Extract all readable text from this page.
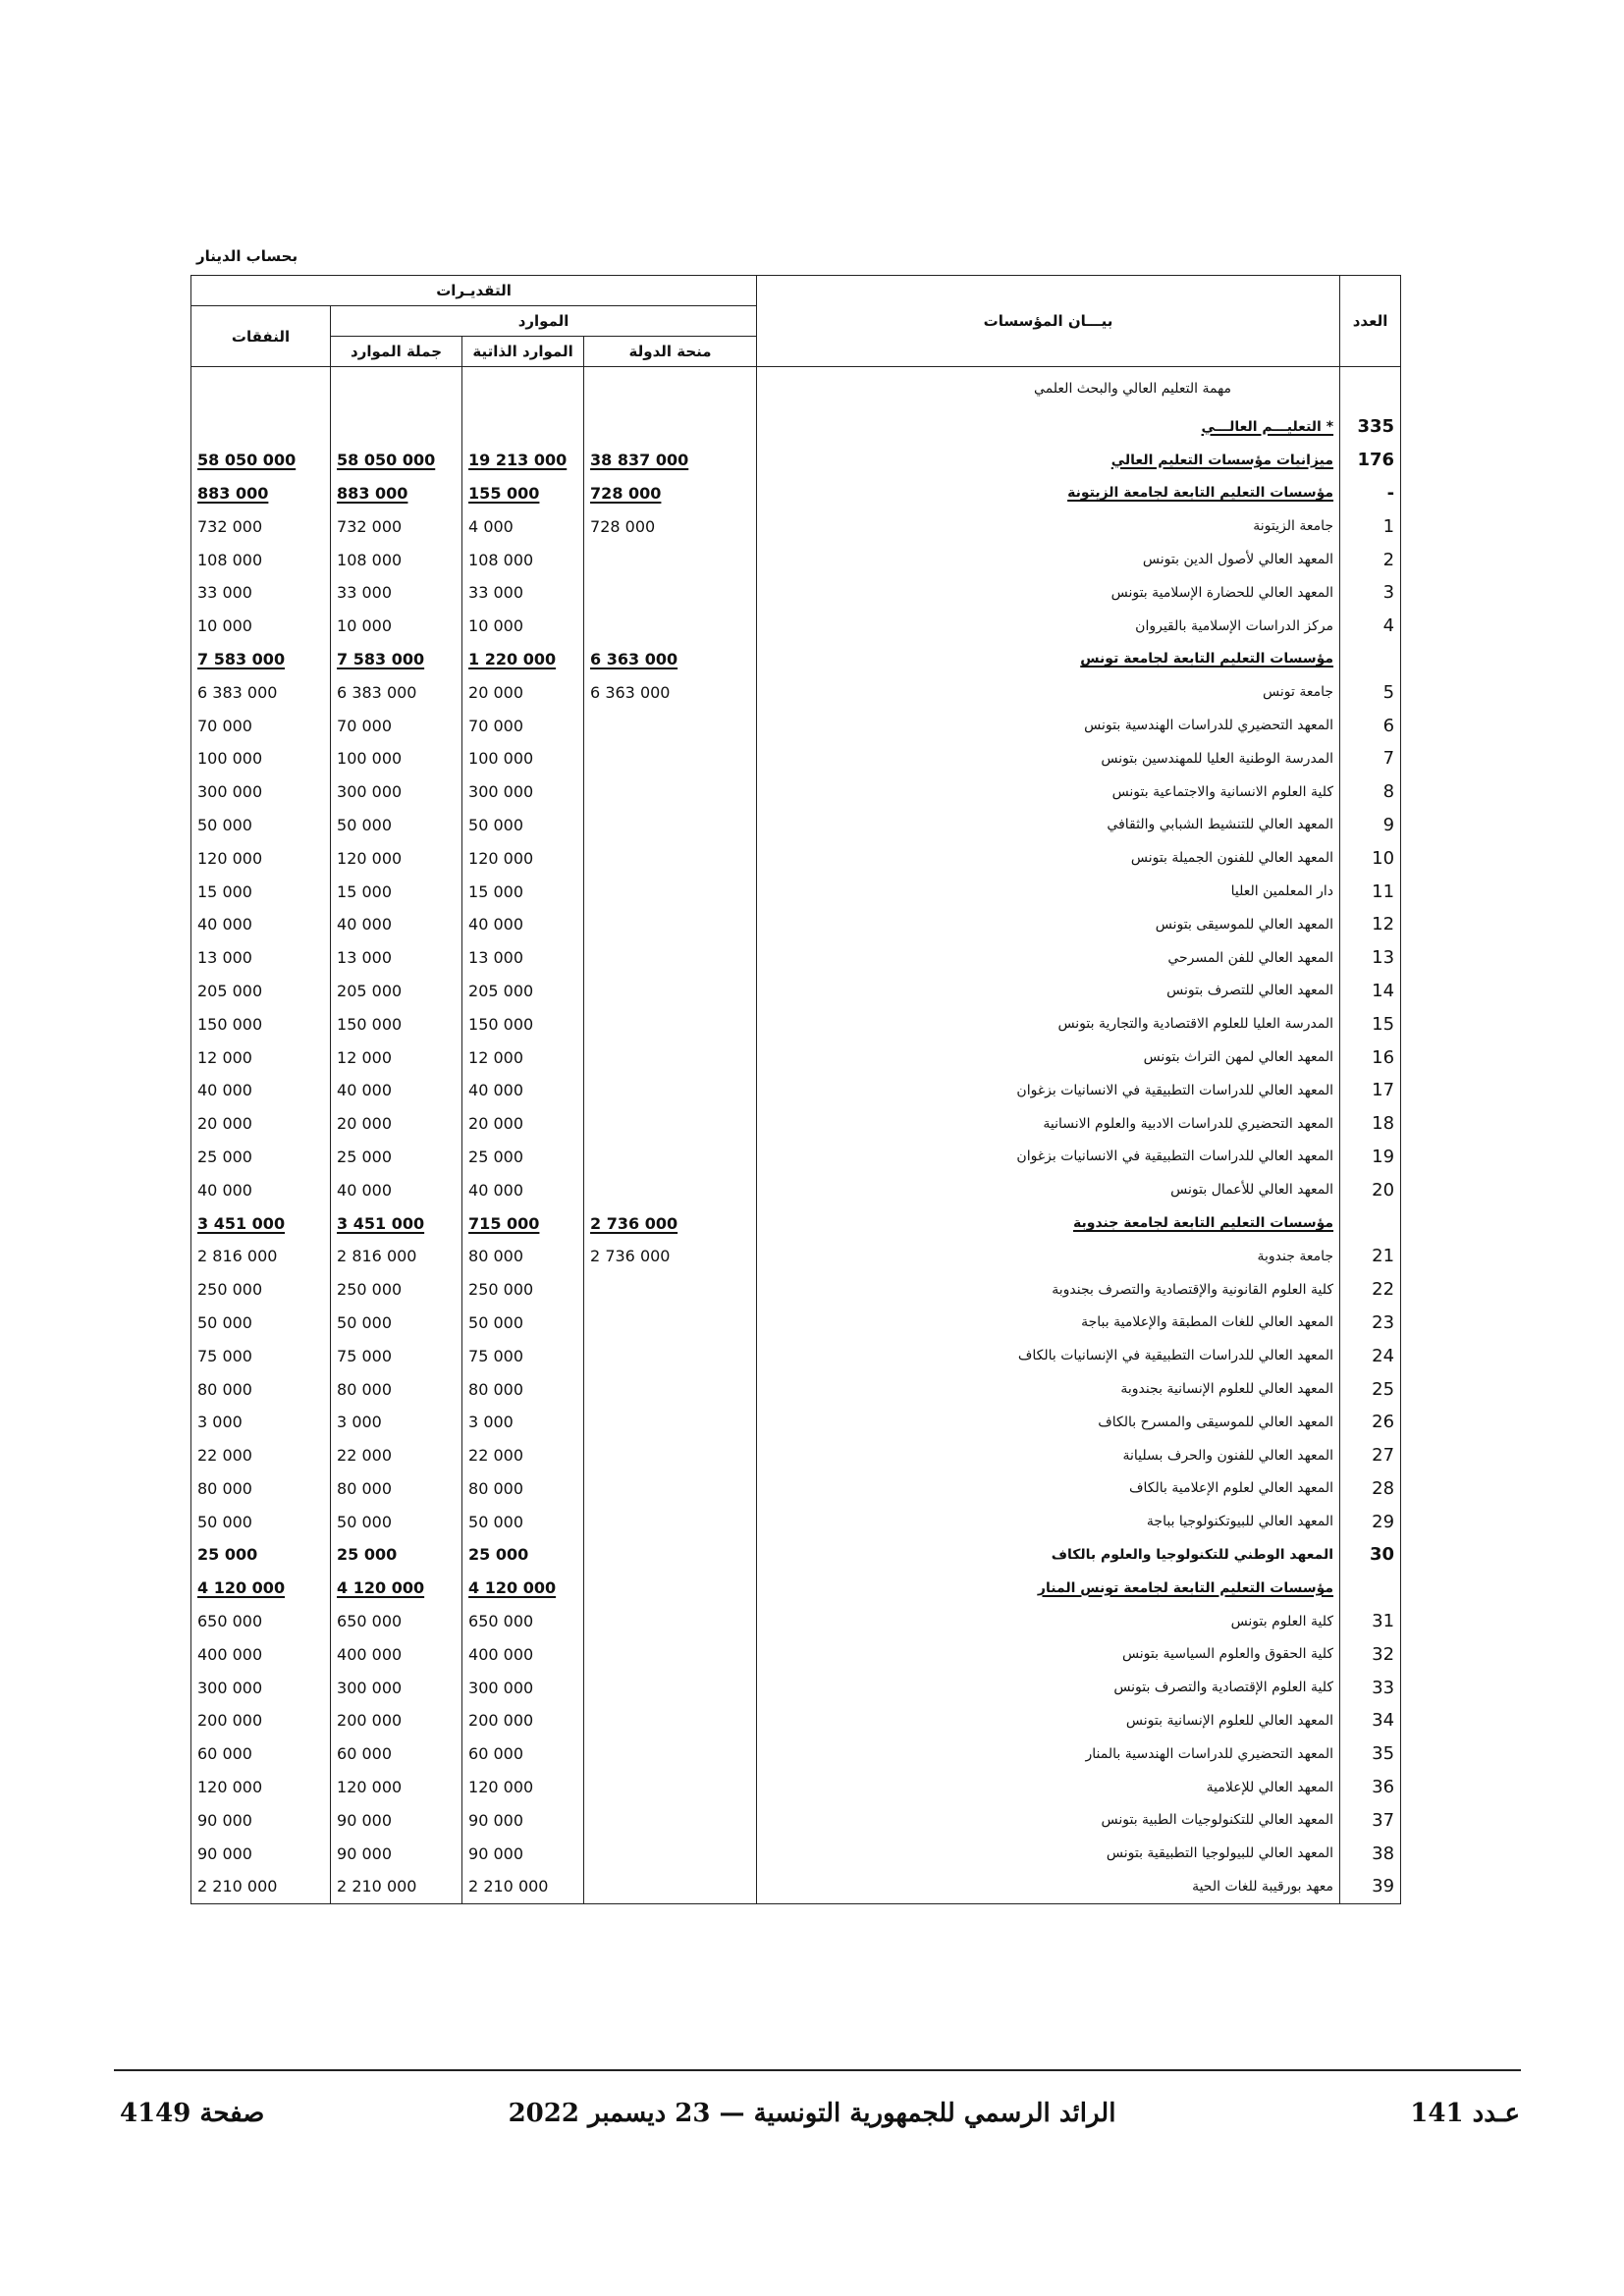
بحساب الدينار
العدد	بيـــان المؤسسات	التقديـرات			
		الموارد			النفقات
		منحة الدولة	الموارد الذاتية	جملة الموارد	
	مهمة التعليم العالي والبحث العلمي				
335	* التعليـــم العالـــي				
176	ميزانيات مؤسسات التعليم العالي	38 837 000	19 213 000	58 050 000	58 050 000
-	مؤسسات التعليم التابعة لجامعة الزيتونة	728 000	155 000	883 000	883 000
1	جامعة الزيتونة	728 000	4 000	732 000	732 000
2	المعهد العالي لأصول الدين بتونس		108 000	108 000	108 000
3	المعهد العالي للحضارة الإسلامية بتونس		33 000	33 000	33 000
4	مركز الدراسات الإسلامية بالقيروان		10 000	10 000	10 000
	مؤسسات التعليم التابعة لجامعة تونس	6 363 000	1 220 000	7 583 000	7 583 000
5	جامعة تونس	6 363 000	20 000	6 383 000	6 383 000
6	المعهد التحضيري للدراسات الهندسية بتونس		70 000	70 000	70 000
7	المدرسة الوطنية العليا للمهندسين بتونس		100 000	100 000	100 000
8	كلية العلوم الانسانية والاجتماعية بتونس		300 000	300 000	300 000
9	المعهد العالي للتنشيط الشبابي والثقافي		50 000	50 000	50 000
10	المعهد العالي للفنون الجميلة بتونس		120 000	120 000	120 000
11	دار المعلمين العليا		15 000	15 000	15 000
12	المعهد العالي للموسيقى بتونس		40 000	40 000	40 000
13	المعهد العالي للفن المسرحي		13 000	13 000	13 000
14	المعهد العالي للتصرف بتونس		205 000	205 000	205 000
15	المدرسة العليا للعلوم الاقتصادية والتجارية بتونس		150 000	150 000	150 000
16	المعهد العالي لمهن التراث بتونس		12 000	12 000	12 000
17	المعهد العالي للدراسات التطبيقية في الانسانيات بزغوان		40 000	40 000	40 000
18	المعهد التحضيري للدراسات الادبية والعلوم الانسانية		20 000	20 000	20 000
19	المعهد العالي للدراسات التطبيقية في الانسانيات بزغوان		25 000	25 000	25 000
20	المعهد العالي للأعمال بتونس		40 000	40 000	40 000
	مؤسسات التعليم التابعة لجامعة جندوبة	2 736 000	715 000	3 451 000	3 451 000
21	جامعة جندوبة	2 736 000	80 000	2 816 000	2 816 000
22	كلية العلوم القانونية والإقتصادية والتصرف بجندوبة		250 000	250 000	250 000
23	المعهد العالي للغات المطبقة والإعلامية بباجة		50 000	50 000	50 000
24	المعهد العالي للدراسات التطبيقية في الإنسانيات بالكاف		75 000	75 000	75 000
25	المعهد العالي للعلوم الإنسانية بجندوبة		80 000	80 000	80 000
26	المعهد العالي للموسيقى والمسرح بالكاف		3 000	3 000	3 000
27	المعهد العالي للفنون والحرف بسليانة		22 000	22 000	22 000
28	المعهد العالي لعلوم الإعلامية بالكاف		80 000	80 000	80 000
29	المعهد العالي للبيوتكنولوجيا بباجة		50 000	50 000	50 000
30	المعهد الوطني للتكنولوجيا والعلوم بالكاف		25 000	25 000	25 000
	مؤسسات التعليم التابعة لجامعة تونس المنار		4 120 000	4 120 000	4 120 000
31	كلية العلوم بتونس		650 000	650 000	650 000
32	كلية الحقوق والعلوم السياسية بتونس		400 000	400 000	400 000
33	كلية العلوم الإقتصادية والتصرف بتونس		300 000	300 000	300 000
34	المعهد العالي للعلوم الإنسانية بتونس		200 000	200 000	200 000
35	المعهد التحضيري للدراسات الهندسية بالمنار		60 000	60 000	60 000
36	المعهد العالي للإعلامية		120 000	120 000	120 000
37	المعهد العالي للتكنولوجيات الطبية بتونس		90 000	90 000	90 000
38	المعهد العالي للبيولوجيا التطبيقية بتونس		90 000	90 000	90 000
39	معهد بورقيبة للغات الحية		2 210 000	2 210 000	2 210 000
عـدد 141
الرائد الرسمي للجمهورية التونسية — 23 ديسمبر 2022
صفحة 4149
